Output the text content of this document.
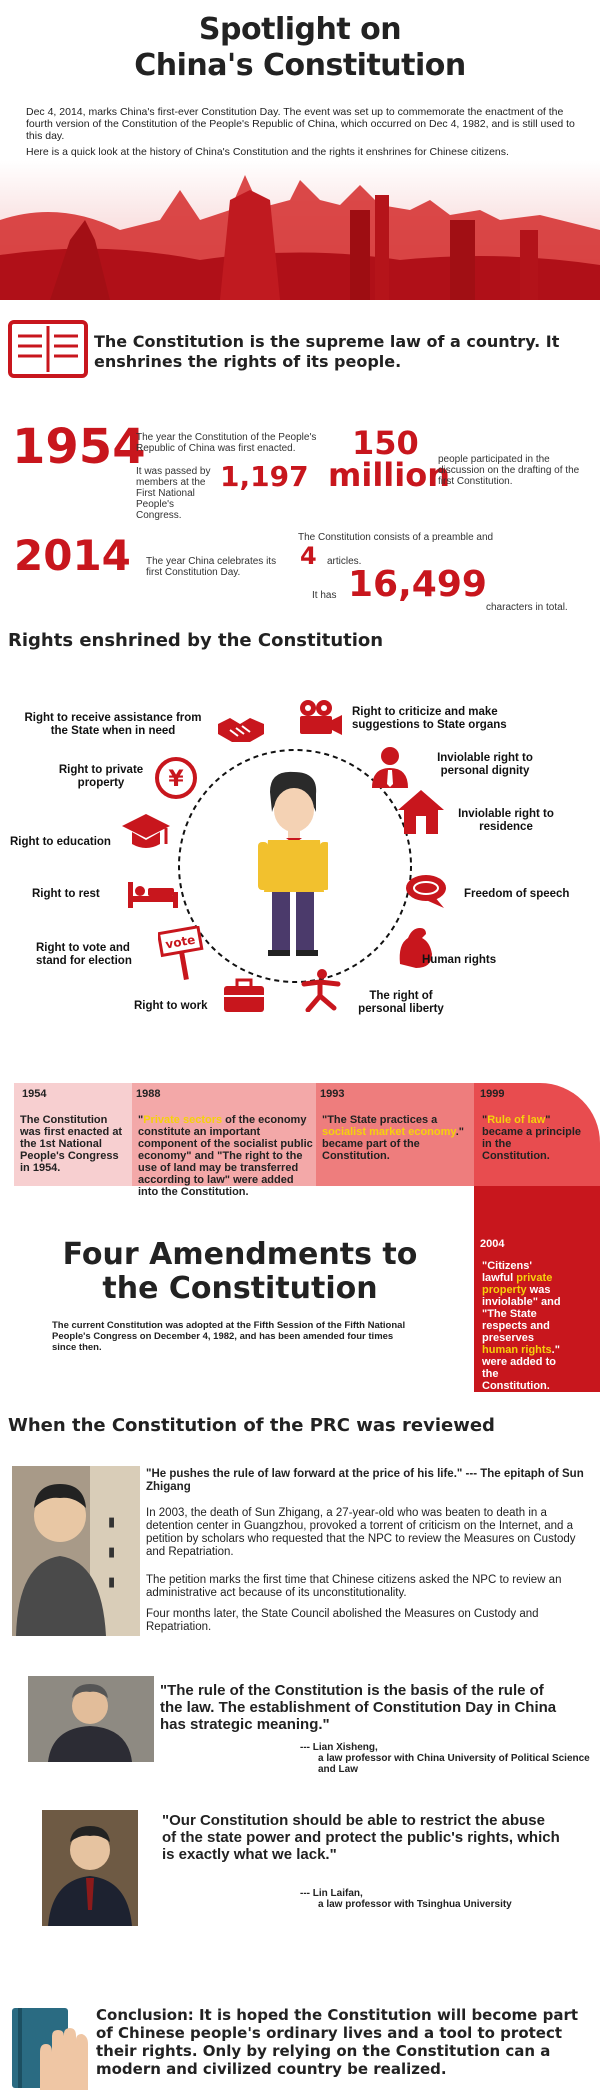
Spotlight on
China's Constitution

Dec 4, 2014, marks China's first-ever Constitution Day. The event was set up to commemorate the enactment of the fourth version of the Constitution of the People's Republic of China, which occurred on Dec 4, 1982, and is still used to this day.

Here is a quick look at the history of China's Constitution and the rights it enshrines for Chinese citizens.

The Constitution is the supreme law of a country. It enshrines the rights of its people.
1954
The year the Constitution of the People's Republic of China was first enacted.
It was passed by members at the First National People's Congress.
1,197
150
million
people participated in the discussion on the drafting of the first Constitution.
2014 The year China celebrates its first Constitution Day.
The Constitution consists of a preamble and
4 articles.
It has 16,499
characters in total.
Rights enshrined by the Constitution
Right to receive assistance from the State when in need
Right to criticize and make suggestions to State organs
Right to private property	¥
Inviolable right to personal dignity
Right to education
Inviolable right to residence
Right to rest	Freedom of speech
Right to vote and stand for election
vote
Human rights
Right to work
The right of personal liberty
1954
The Constitution was first enacted at the 1st National People's Congress in 1954.
1988
"Private sectors of the economy constitute an important component of the socialist public economy" and "The right to the use of land may be transferred according to law" were added into the Constitution.
1993
"The State practices a socialist market economy." became part of the Constitution.
1999
"Rule of law" became a principle in the Constitution.
2004
"Citizens' lawful private property was inviolable" and "The State respects and preserves human rights." were added to the Constitution.
Four Amendments to the Constitution
The current Constitution was adopted at the Fifth Session of the Fifth National People's Congress on December 4, 1982, and has been amended four times since then.
When the Constitution of the PRC was reviewed
▮
▮
▮
"He pushes the rule of law forward at the price of his life." --- The epitaph of Sun Zhigang
In 2003, the death of Sun Zhigang, a 27-year-old who was beaten to death in a detention center in Guangzhou, provoked a torrent of criticism on the Internet, and a petition by scholars who requested that the NPC to review the Measures on Custody and Repatriation.
The petition marks the first time that Chinese citizens asked the NPC to review an administrative act because of its unconstitutionality.
Four months later, the State Council abolished the Measures on Custody and Repatriation.
"The rule of the Constitution is the basis of the rule of the law. The establishment of Constitution Day in China has strategic meaning."
--- Lian Xisheng,
a law professor with China University of Political Science and Law
"Our Constitution should be able to restrict the abuse of the state power and protect the public's rights, which is exactly what we lack."
--- Lin Laifan,
a law professor with Tsinghua University
Conclusion: It is hoped the Constitution will become part of Chinese people's ordinary lives and a tool to protect their rights. Only by relying on the Constitution can a modern and civilized country be realized.
